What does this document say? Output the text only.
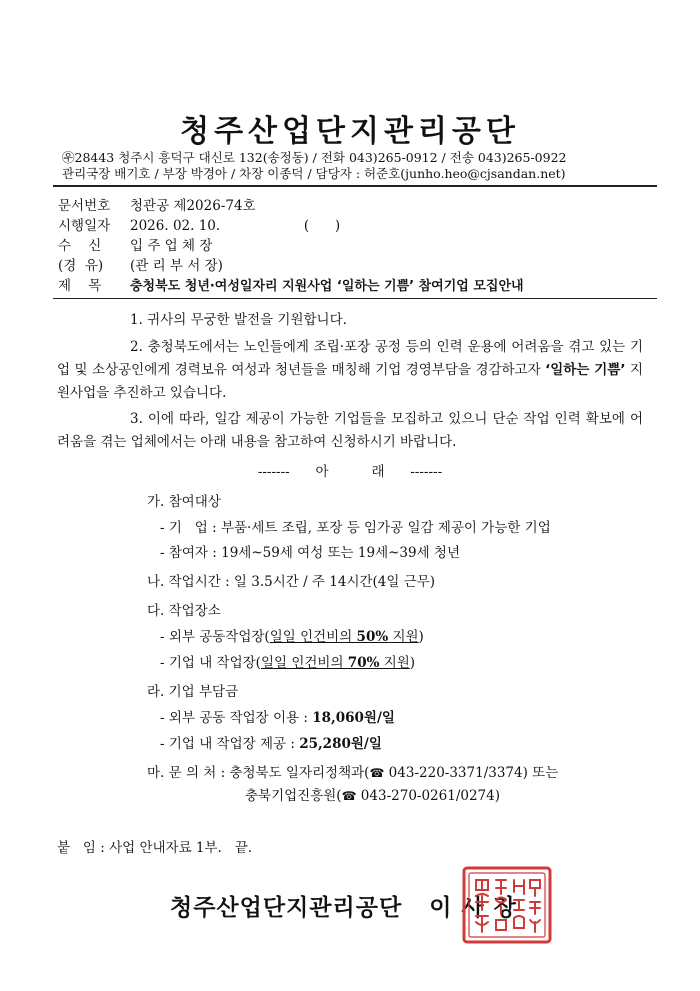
청주산업단지관리공단
㉾28443 청주시 흥덕구 대신로 132(송정동) / 전화 043)265-0912 / 전송 043)265-0922
관리국장 배기호 / 부장 박경아 / 차장 이종덕 / 담당자 : 허준호(junho.heo@cjsandan.net)
문서번호 청관공 제2026-74호
시행일자 2026. 02. 10.	(      )
수    신 입 주 업 체 장
(경  유) (관 리 부 서 장)
제    목 충청북도 청년·여성일자리 지원사업 ‘일하는 기쁨’ 참여기업 모집안내

1. 귀사의 무궁한 발전을 기원합니다.

2. 충청북도에서는 노인들에게 조립·포장 공정 등의 인력 운용에 어려움을 겪고 있는 기업 및 소상공인에게 경력보유 여성과 청년들을 매칭해 기업 경영부담을 경감하고자 ‘일하는 기쁨’ 지원사업을 추진하고 있습니다.

3. 이에 따라, 일감 제공이 가능한 기업들을 모집하고 있으니 단순 작업 인력 확보에 어려움을 겪는 업체에서는 아래 내용을 참고하여 신청하시기 바랍니다.

-------      아          래      -------
가. 참여대상
- 기   업 : 부품·세트 조립, 포장 등 임가공 일감 제공이 가능한 기업
- 참여자 : 19세~59세 여성 또는 19세~39세 청년
나. 작업시간 : 일 3.5시간 / 주 14시간(4일 근무)
다. 작업장소
- 외부 공동작업장(일일 인건비의 50% 지원)
- 기업 내 작업장(일일 인건비의 70% 지원)
라. 기업 부담금
- 외부 공동 작업장 이용 : 18,060원/일
- 기업 내 작업장 제공 : 25,280원/일
마. 문 의 처 : 충청북도 일자리정책과(☎ 043-220-3371/3374) 또는
충북기업진흥원(☎ 043-270-0261/0274)
붙   임 : 사업 안내자료 1부.   끝.
청주산업단지관리공단   이 사 장
